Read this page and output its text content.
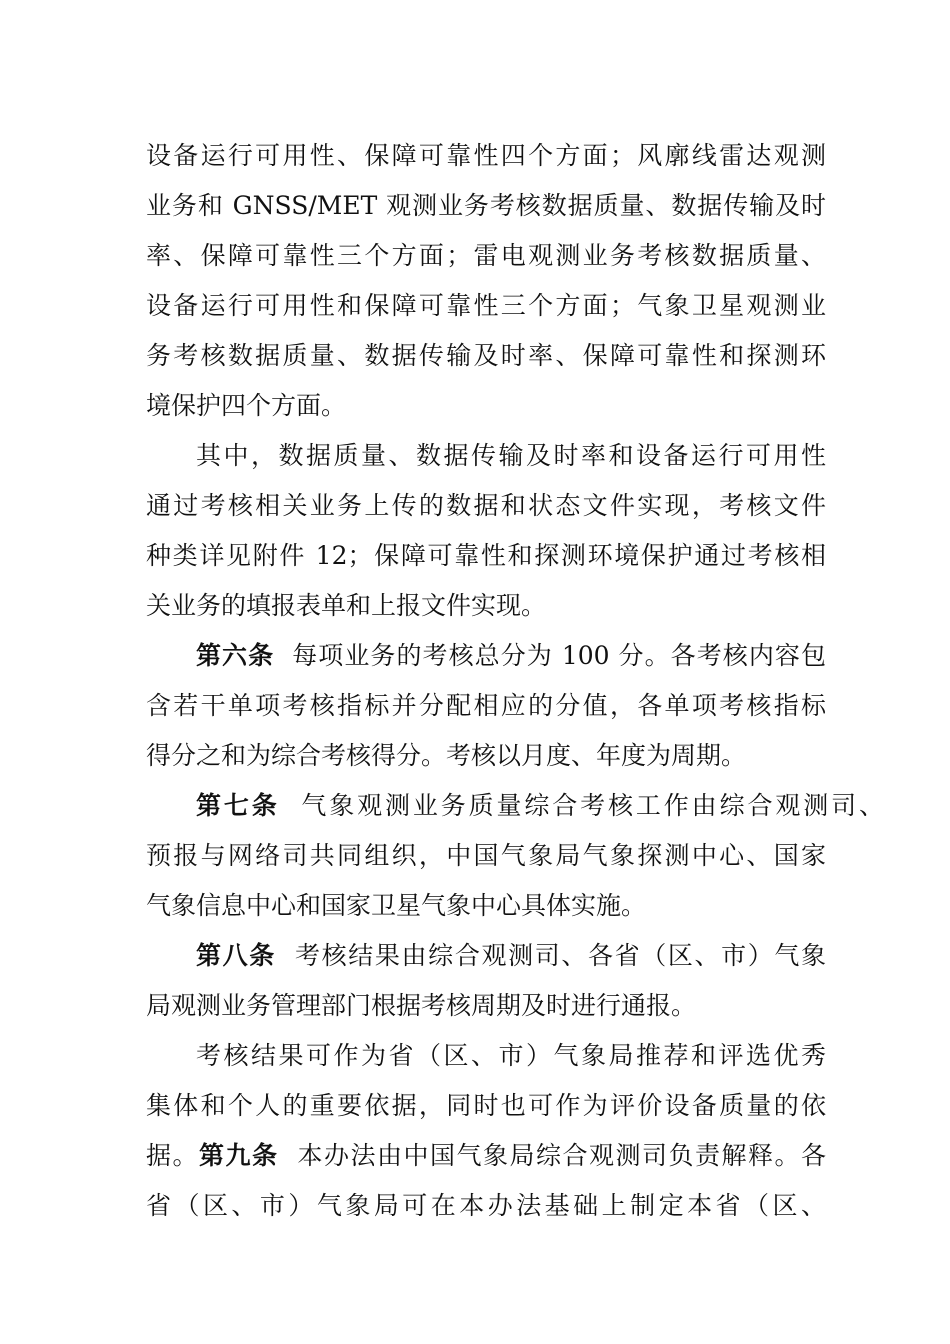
设备运行可用性、保障可靠性四个方面；风廓线雷达观测
业务和 GNSS/MET 观测业务考核数据质量、数据传输及时
率、保障可靠性三个方面；雷电观测业务考核数据质量、
设备运行可用性和保障可靠性三个方面；气象卫星观测业
务考核数据质量、数据传输及时率、保障可靠性和探测环
境保护四个方面。
其中，数据质量、数据传输及时率和设备运行可用性
通过考核相关业务上传的数据和状态文件实现，考核文件
种类详见附件 12；保障可靠性和探测环境保护通过考核相
关业务的填报表单和上报文件实现。
第六条 每项业务的考核总分为 100 分。各考核内容包
含若干单项考核指标并分配相应的分值，各单项考核指标
得分之和为综合考核得分。考核以月度、年度为周期。
第七条 气象观测业务质量综合考核工作由综合观测司、
预报与网络司共同组织，中国气象局气象探测中心、国家
气象信息中心和国家卫星气象中心具体实施。
第八条 考核结果由综合观测司、各省（区、市）气象
局观测业务管理部门根据考核周期及时进行通报。
考核结果可作为省（区、市）气象局推荐和评选优秀
集体和个人的重要依据，同时也可作为评价设备质量的依
据。第九条 本办法由中国气象局综合观测司负责解释。各
省（区、市）气象局可在本办法基础上制定本省（区、
